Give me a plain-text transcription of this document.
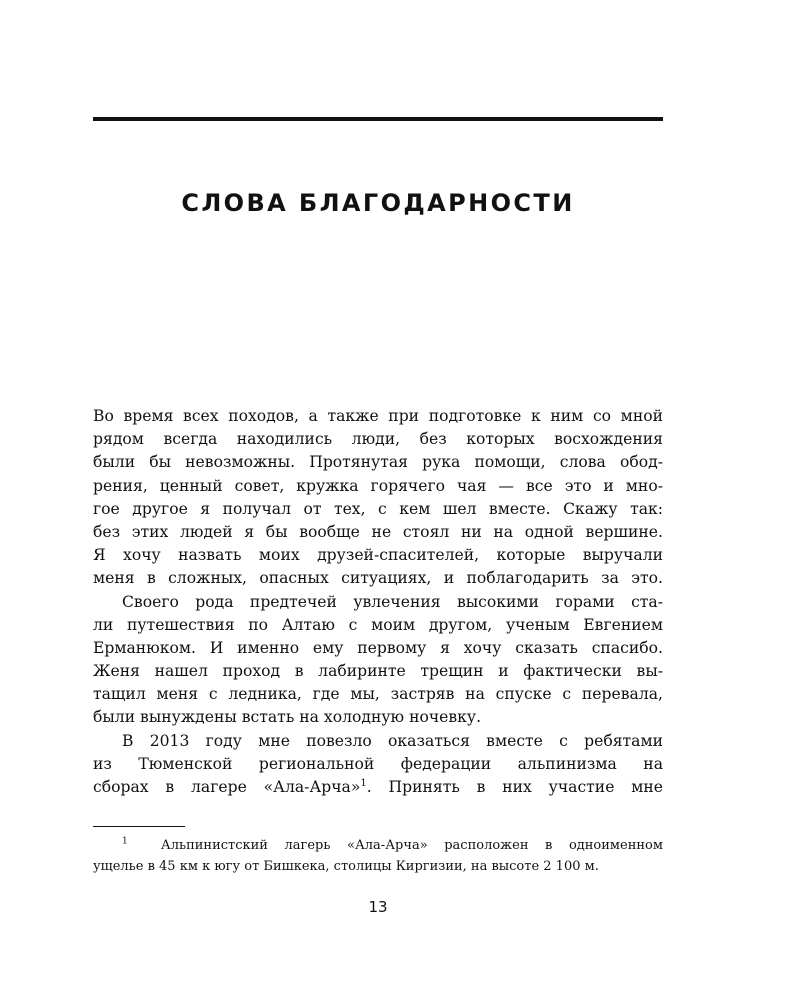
СЛОВА БЛАГОДАРНОСТИ
Во время всех походов, а также при подготовке к ним со мной
рядом всегда находились люди, без которых восхождения
были бы невозможны. Протянутая рука помощи, слова обод-
рения, ценный совет, кружка горячего чая — все это и мно-
гое другое я получал от тех, с кем шел вместе. Скажу так:
без этих людей я бы вообще не стоял ни на одной вершине.
Я хочу назвать моих друзей-спасителей, которые выручали
меня в сложных, опасных ситуациях, и поблагодарить за это.
Своего рода предтечей увлечения высокими горами ста-
ли путешествия по Алтаю с моим другом, ученым Евгением
Ерманюком. И именно ему первому я хочу сказать спасибо.
Женя нашел проход в лабиринте трещин и фактически вы-
тащил меня с ледника, где мы, застряв на спуске с перевала,
были вынуждены встать на холодную ночевку.
В 2013 году мне повезло оказаться вместе с ребятами
из Тюменской региональной федерации альпинизма на
сборах в лагере «Ала-Арча»$^1$. Принять в них участие мне
$^1$	Альпинистский лагерь «Ала-Арча» расположен в одноименном
ущелье в 45 км к югу от Бишкека, столицы Киргизии, на высоте 2 100 м.
13
